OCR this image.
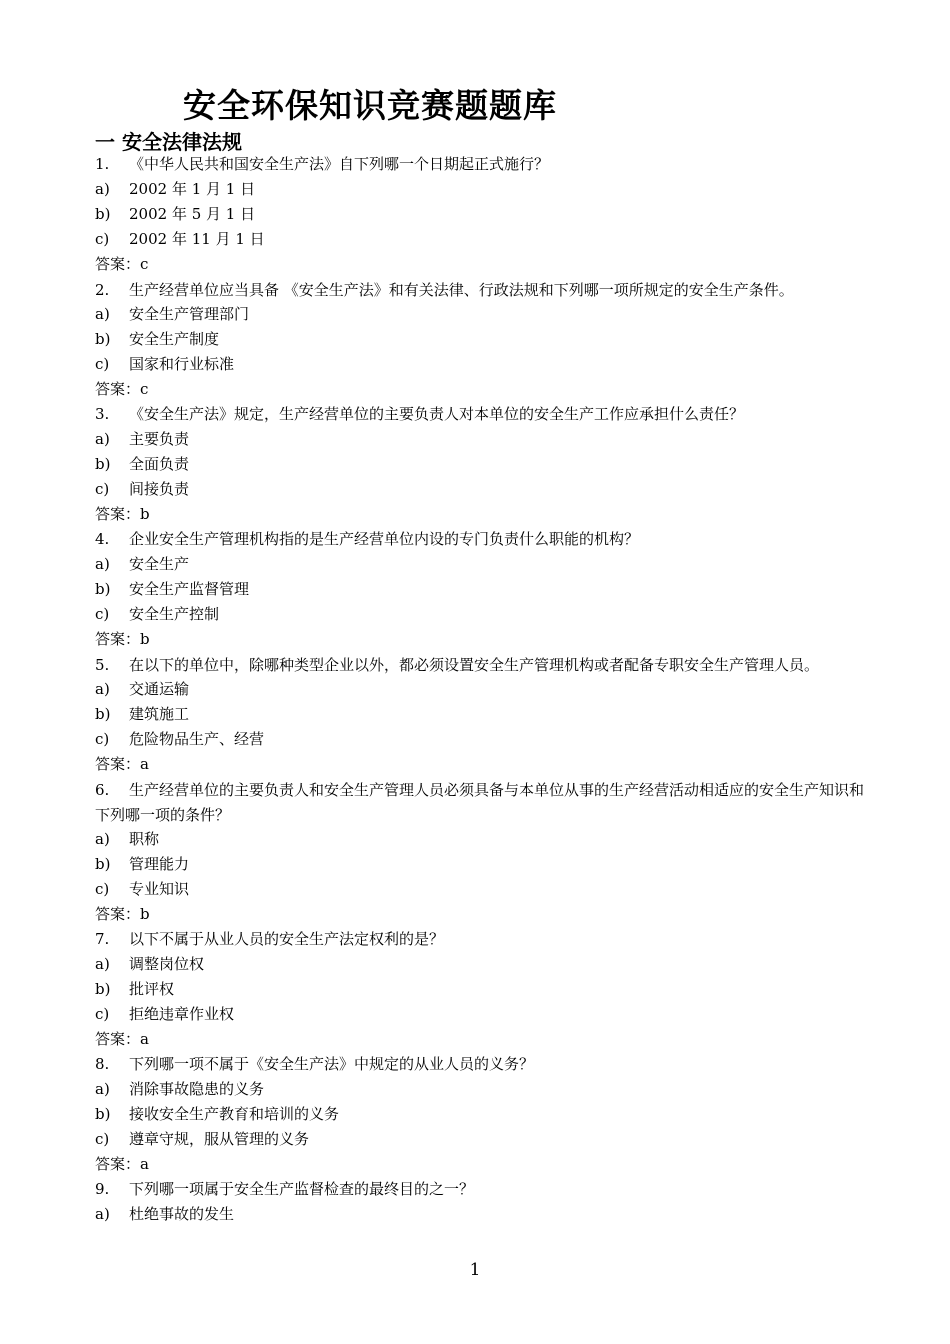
安全环保知识竞赛题题库
一 安全法律法规
1.	《中华人民共和国安全生产法》自下列哪一个日期起正式施行？
a)	2002 年 1 月 1 日
b)	2002 年 5 月 1 日
c)	2002 年 11 月 1 日
答案：c
2. 生产经营单位应当具备 《安全生产法》和有关法律、行政法规和下列哪一项所规定的安全生产条件。
a)	安全生产管理部门
b)	安全生产制度
c)	国家和行业标准
答案：c
3.	《安全生产法》规定，生产经营单位的主要负责人对本单位的安全生产工作应承担什么责任？
a)	主要负责
b)	全面负责
c)	间接负责
答案：b
4.	企业安全生产管理机构指的是生产经营单位内设的专门负责什么职能的机构？
a)	安全生产
b)	安全生产监督管理
c)	安全生产控制
答案：b
5. 在以下的单位中，除哪种类型企业以外，都必须设置安全生产管理机构或者配备专职安全生产管理人员。
a)	交通运输
b)	建筑施工
c)	危险物品生产、经营
答案：a
6. 生产经营单位的主要负责人和安全生产管理人员必须具备与本单位从事的生产经营活动相适应的安全生产知识和下列哪一项的条件？
a)	职称
b)	管理能力
c)	专业知识
答案：b
7.	以下不属于从业人员的安全生产法定权利的是？
a)	调整岗位权
b)	批评权
c)	拒绝违章作业权
答案：a
8.	下列哪一项不属于《安全生产法》中规定的从业人员的义务？
a)	消除事故隐患的义务
b)	接收安全生产教育和培训的义务
c)	遵章守规，服从管理的义务
答案：a
9.	下列哪一项属于安全生产监督检查的最终目的之一？
a)	杜绝事故的发生
1
